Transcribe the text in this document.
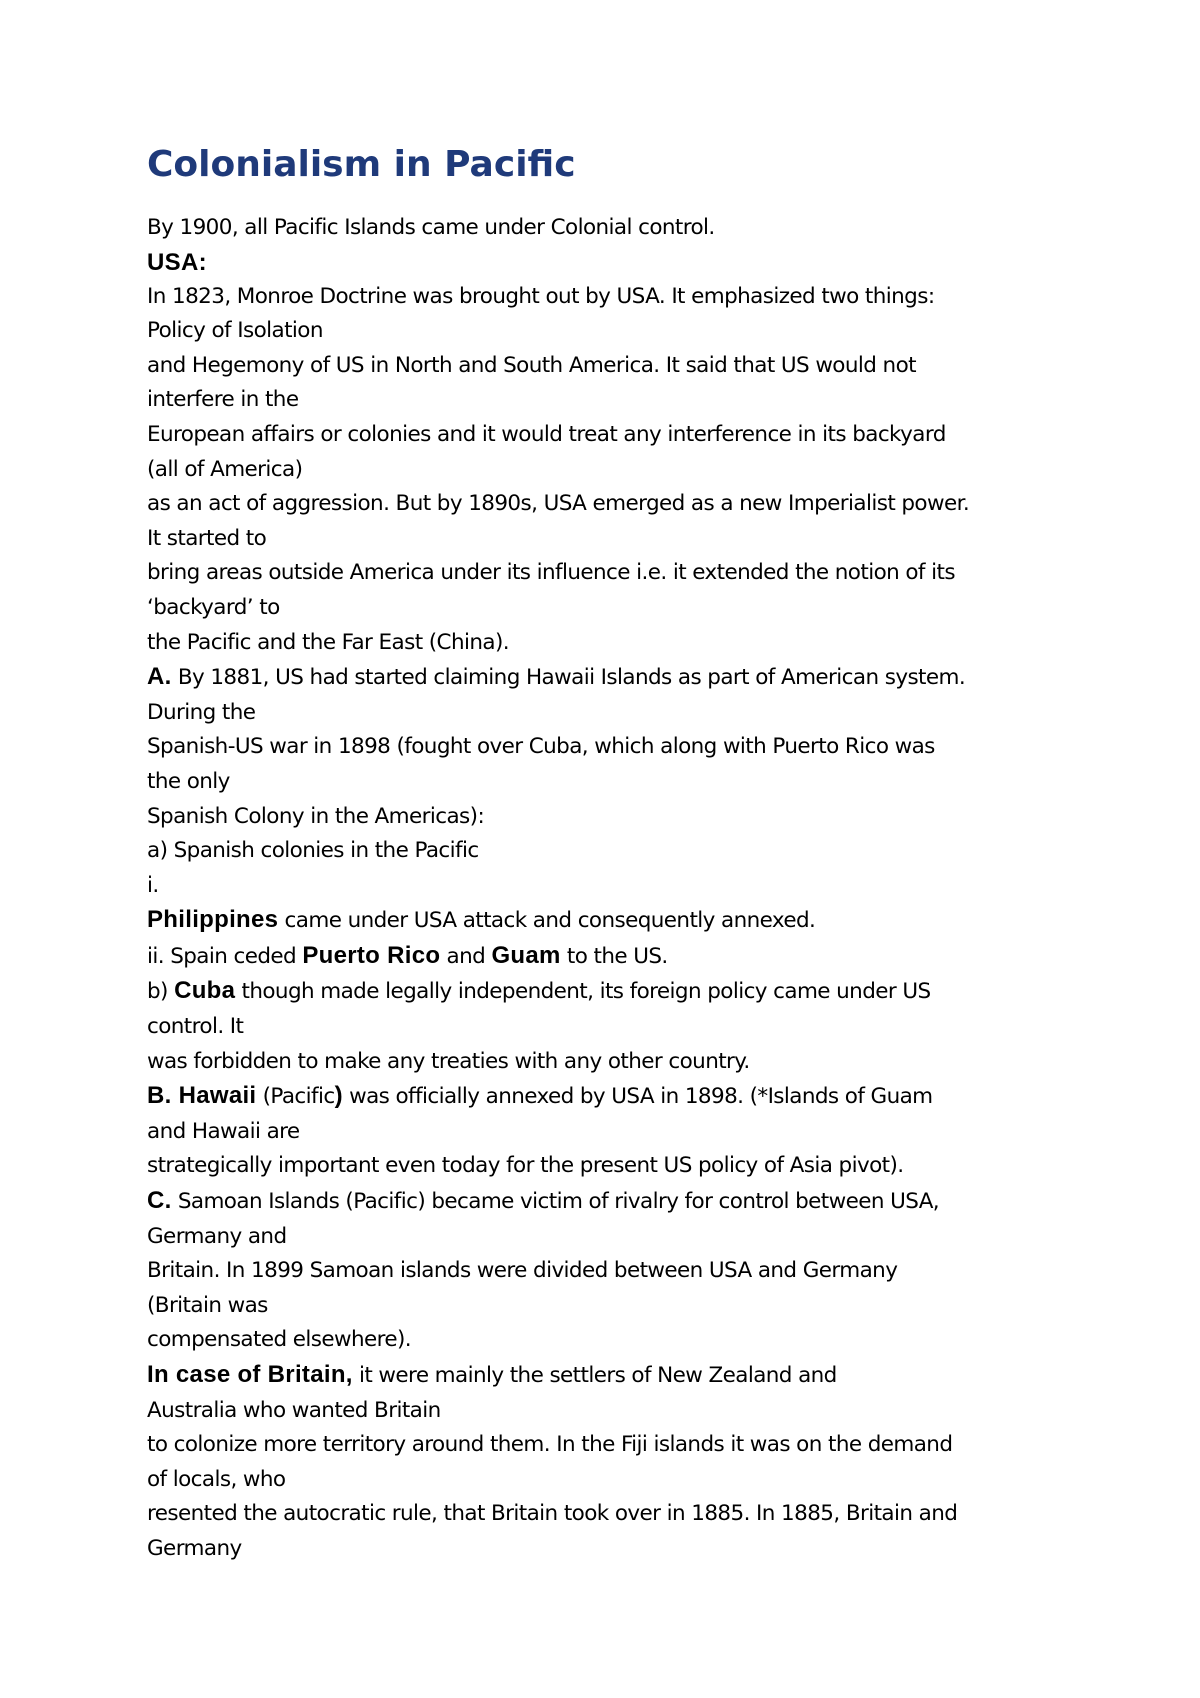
Colonialism in Pacific
By 1900, all Pacific Islands came under Colonial control.
USA:
In 1823, Monroe Doctrine was brought out by USA. It emphasized two things:
Policy of Isolation
and Hegemony of US in North and South America. It said that US would not
interfere in the
European affairs or colonies and it would treat any interference in its backyard
(all of America)
as an act of aggression. But by 1890s, USA emerged as a new Imperialist power.
It started to
bring areas outside America under its influence i.e. it extended the notion of its
‘backyard’ to
the Pacific and the Far East (China).
A. By 1881, US had started claiming Hawaii Islands as part of American system.
During the
Spanish-US war in 1898 (fought over Cuba, which along with Puerto Rico was
the only
Spanish Colony in the Americas):
a) Spanish colonies in the Pacific
i.
Philippines came under USA attack and consequently annexed.
ii. Spain ceded Puerto Rico and Guam to the US.
b) Cuba though made legally independent, its foreign policy came under US
control. It
was forbidden to make any treaties with any other country.
B. Hawaii (Pacific) was officially annexed by USA in 1898. (*Islands of Guam
and Hawaii are
strategically important even today for the present US policy of Asia pivot).
C. Samoan Islands (Pacific) became victim of rivalry for control between USA,
Germany and
Britain. In 1899 Samoan islands were divided between USA and Germany
(Britain was
compensated elsewhere).
In case of Britain, it were mainly the settlers of New Zealand and
Australia who wanted Britain
to colonize more territory around them. In the Fiji islands it was on the demand
of locals, who
resented the autocratic rule, that Britain took over in 1885. In 1885, Britain and
Germany
